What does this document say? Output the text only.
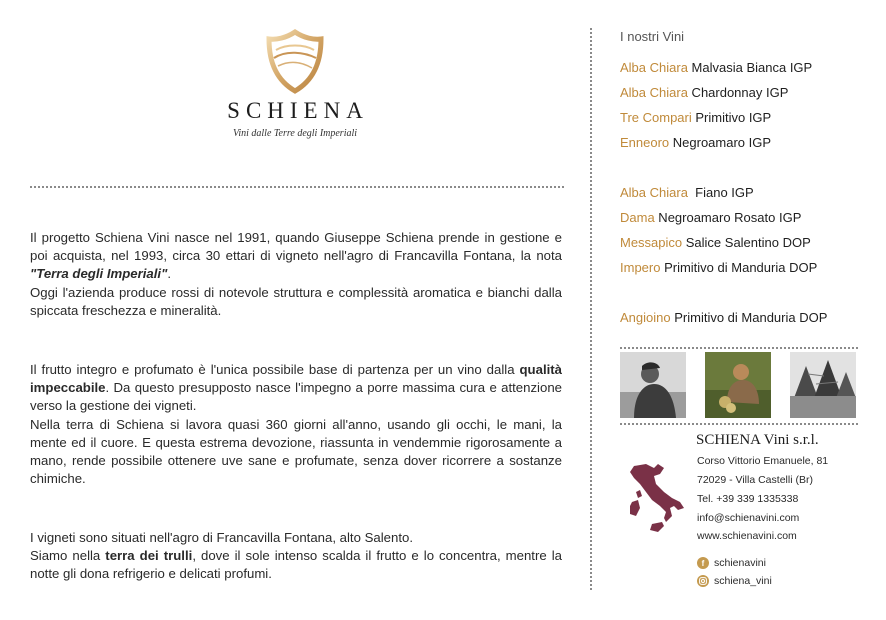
SCHIENA
Vini dalle Terre degli Imperiali

Il progetto Schiena Vini nasce nel 1991, quando Giuseppe Schiena prende in gestione e poi acquista, nel 1993, circa 30 ettari di vigneto nell'agro di Francavilla Fontana, la nota "Terra degli Imperiali".

Oggi l'azienda produce rossi di notevole struttura e complessità aromatica e bianchi dalla spiccata freschezza e mineralità.

Il frutto integro e profumato è l'unica possibile base di partenza per un vino dalla qualità impeccabile. Da questo presupposto nasce l'impegno a porre massima cura e attenzione verso la gestione dei vigneti.

Nella terra di Schiena si lavora quasi 360 giorni all'anno, usando gli occhi, le mani, la mente ed il cuore. E questa estrema devozione, riassunta in vendemmie rigorosamente a mano, rende possibile ottenere uve sane e profumate, senza dover ricorrere a sostanze chimiche.

I vigneti sono situati nell'agro di Francavilla Fontana, alto Salento.

Siamo nella terra dei trulli, dove il sole intenso scalda il frutto e lo concentra, mentre la notte gli dona refrigerio e delicati profumi.

I nostri Vini
Alba Chiara Malvasia Bianca IGP
Alba Chiara Chardonnay IGP
Tre Compari Primitivo IGP
Enneoro Negroamaro IGP
Alba Chiara  Fiano IGP
Dama Negroamaro Rosato IGP
Messapico Salice Salentino DOP
Impero Primitivo di Manduria DOP
Angioino Primitivo di Manduria DOP
SCHIENA Vini s.r.l.
Corso Vittorio Emanuele, 81
72029 - Villa Castelli (Br)
Tel. +39 339 1335338
info@schienavini.com
www.schienavini.com
f schienavini
schiena_vini
